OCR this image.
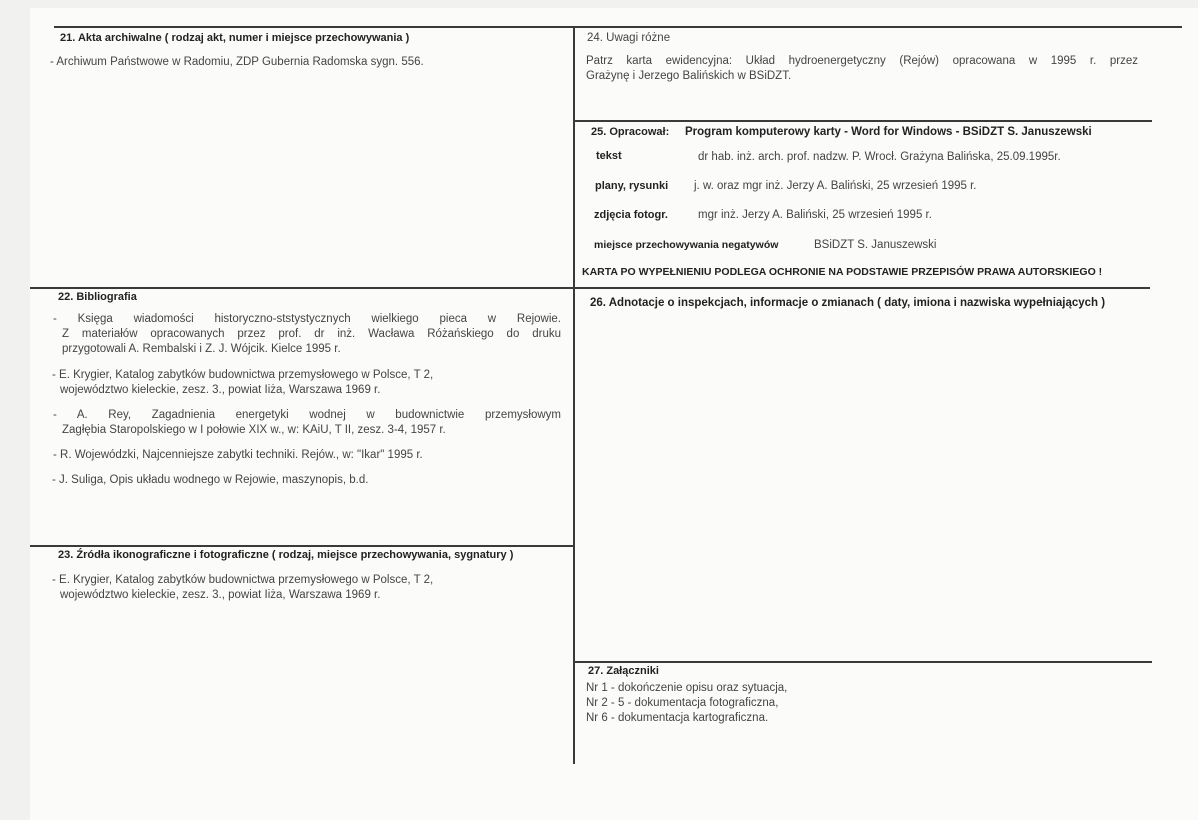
21. Akta archiwalne ( rodzaj akt, numer i miejsce przechowywania )
- Archiwum Państwowe w Radomiu, ZDP Gubernia Radomska sygn. 556.
24. Uwagi różne
Patrz karta ewidencyjna: Układ hydroenergetyczny (Rejów) opracowana w 1995 r. przez
Grażynę i Jerzego Balińskich w BSiDZT.
25. Opracował: Program komputerowy karty - Word for Windows - BSiDZT S. Januszewski
tekst	dr hab. inż. arch. prof. nadzw. P. Wrocł. Grażyna Balińska, 25.09.1995r.
plany, rysunki j. w. oraz mgr inż. Jerzy A. Baliński, 25 wrzesień 1995 r.
zdjęcia fotogr.	mgr inż. Jerzy A. Baliński, 25 wrzesień 1995 r.
miejsce przechowywania negatywów	BSiDZT S. Januszewski
KARTA PO WYPEŁNIENIU PODLEGA OCHRONIE NA PODSTAWIE PRZEPISÓW PRAWA AUTORSKIEGO !
22. Bibliografia
- Księga wiadomości historyczno-ststystycznych wielkiego pieca w Rejowie.
Z materiałów opracowanych przez prof. dr inż. Wacława Różańskiego do druku
przygotowali A. Rembalski i Z. J. Wójcik. Kielce 1995 r.
- E. Krygier, Katalog zabytków budownictwa przemysłowego w Polsce, T 2,
województwo kieleckie, zesz. 3., powiat Iiża, Warszawa 1969 r.
- A. Rey, Zagadnienia energetyki wodnej w budownictwie przemysłowym
Zagłębia Staropolskiego w I połowie XIX w., w: KAiU, T II, zesz. 3-4, 1957 r.
- R. Wojewódzki, Najcenniejsze zabytki techniki. Rejów., w: "Ikar" 1995 r.
- J. Suliga, Opis układu wodnego w Rejowie, maszynopis, b.d.
23. Źródła ikonograficzne i fotograficzne ( rodzaj, miejsce przechowywania, sygnatury )
- E. Krygier, Katalog zabytków budownictwa przemysłowego w Polsce, T 2,
województwo kieleckie, zesz. 3., powiat Iiża, Warszawa 1969 r.
26. Adnotacje o inspekcjach, informacje o zmianach ( daty, imiona i nazwiska wypełniających )
27. Załączniki
Nr 1 - dokończenie opisu oraz sytuacja,
Nr 2 - 5 - dokumentacja fotograficzna,
Nr 6 - dokumentacja kartograficzna.
